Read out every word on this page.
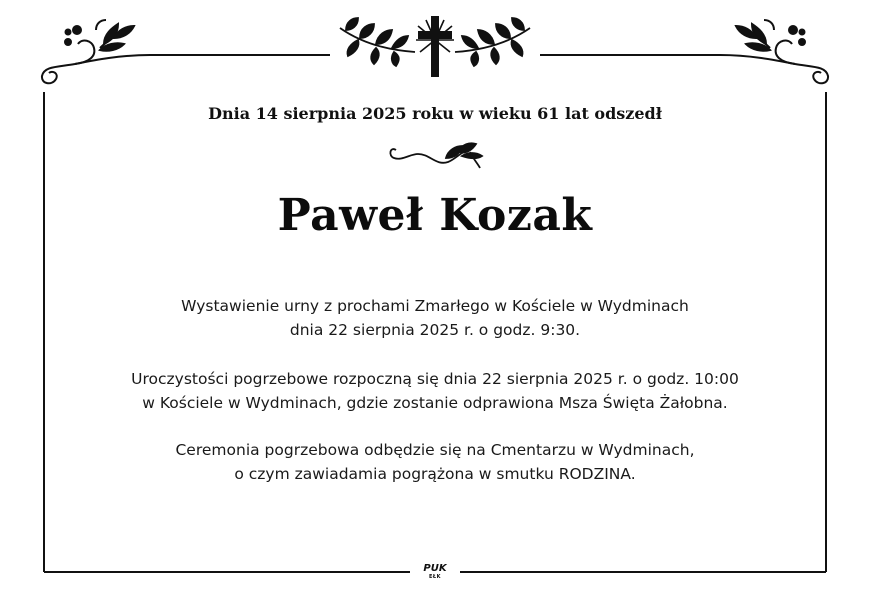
Dnia 14 sierpnia 2025 roku w wieku 61 lat odszedł
Paweł Kozak
Wystawienie urny z prochami Zmarłego w Kościele w Wydminach
dnia 22 sierpnia 2025 r. o godz. 9:30.
Uroczystości pogrzebowe rozpoczną się dnia 22 sierpnia 2025 r. o godz. 10:00
w Kościele w Wydminach, gdzie zostanie odprawiona Msza Święta Żałobna.
Ceremonia pogrzebowa odbędzie się na Cmentarzu w Wydminach,
o czym zawiadamia pogrążona w smutku RODZINA.
PUK
EŁK
